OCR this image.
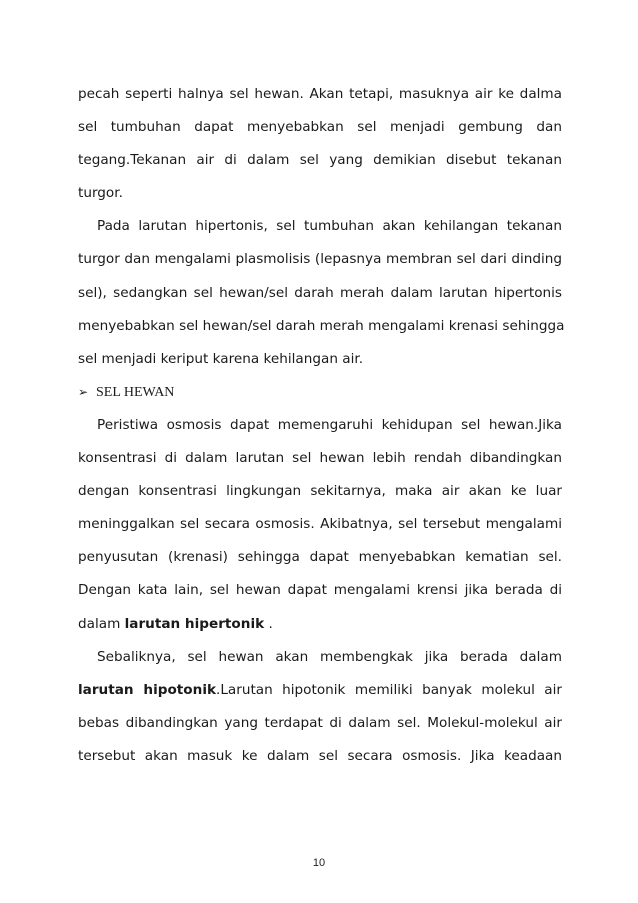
pecah seperti halnya sel hewan. Akan tetapi, masuknya air ke dalma
sel tumbuhan dapat menyebabkan sel menjadi gembung dan
tegang.Tekanan air di dalam sel yang demikian disebut tekanan
turgor.
Pada larutan hipertonis, sel tumbuhan akan kehilangan tekanan
turgor dan mengalami plasmolisis (lepasnya membran sel dari dinding
sel), sedangkan sel hewan/sel darah merah dalam larutan hipertonis
menyebabkan sel hewan/sel darah merah mengalami krenasi sehingga
sel menjadi keriput karena kehilangan air.
➢ SEL HEWAN
Peristiwa osmosis dapat memengaruhi kehidupan sel hewan.Jika
konsentrasi di dalam larutan sel hewan lebih rendah dibandingkan
dengan konsentrasi lingkungan sekitarnya, maka air akan ke luar
meninggalkan sel secara osmosis. Akibatnya, sel tersebut mengalami
penyusutan (krenasi) sehingga dapat menyebabkan kematian sel.
Dengan kata lain, sel hewan dapat mengalami krensi jika berada di
dalam larutan hipertonik .
Sebaliknya, sel hewan akan membengkak jika berada dalam
larutan hipotonik.Larutan hipotonik memiliki banyak molekul air
bebas dibandingkan yang terdapat di dalam sel. Molekul-molekul air
tersebut akan masuk ke dalam sel secara osmosis. Jika keadaan
10
